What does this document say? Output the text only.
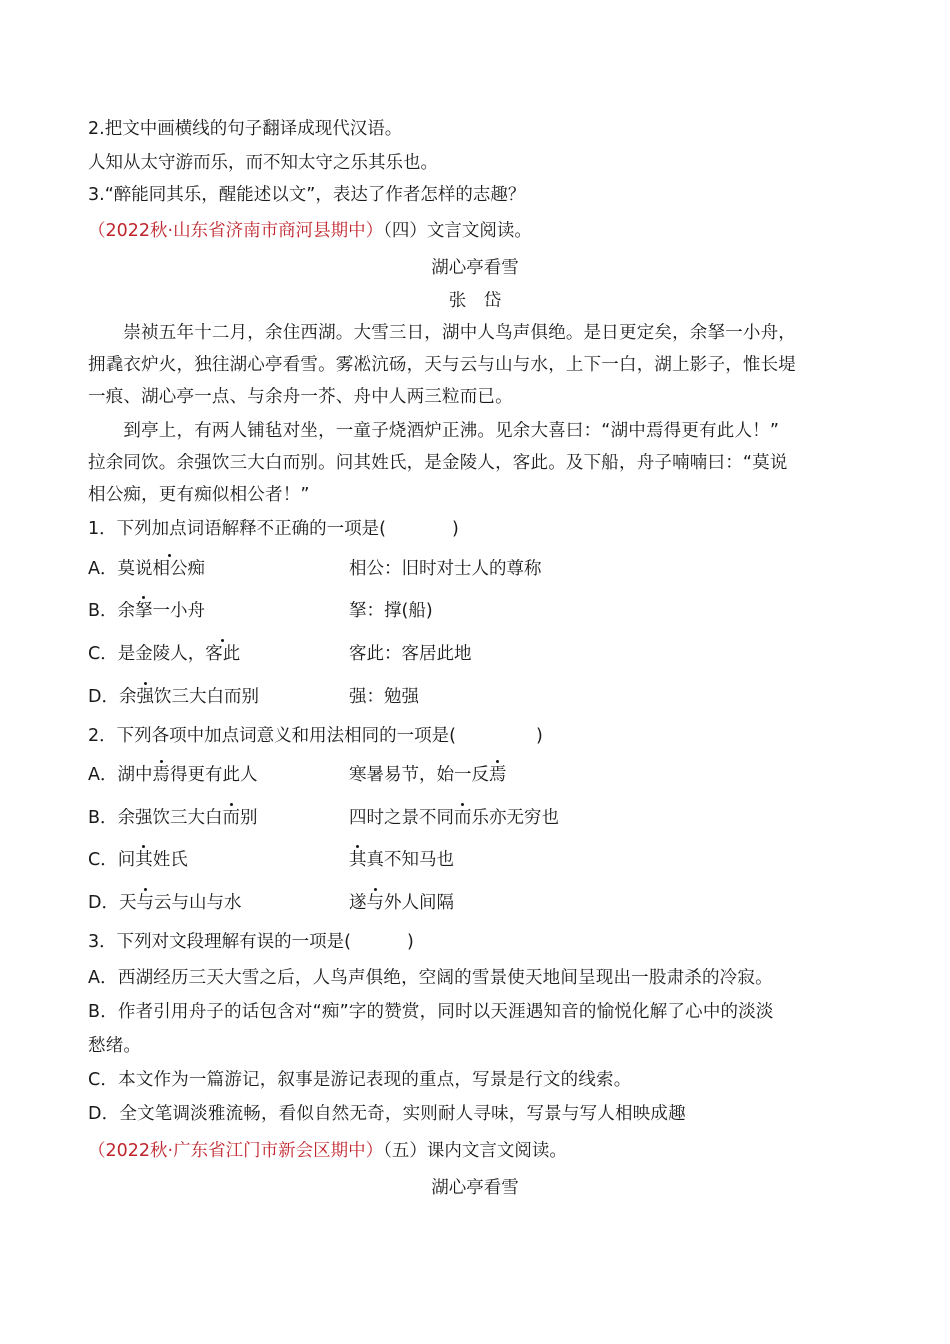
2.把文中画横线的句子翻译成现代汉语。
人知从太守游而乐，而不知太守之乐其乐也。
3.“醉能同其乐，醒能述以文”，表达了作者怎样的志趣？
（2022秋·山东省济南市商河县期中）（四）文言文阅读。
湖心亭看雪
张　岱
　　崇祯五年十二月，余住西湖。大雪三日，湖中人鸟声俱绝。是日更定矣，余拏一小舟，
拥毳衣炉火，独往湖心亭看雪。雾凇沆砀，天与云与山与水，上下一白，湖上影子，惟长堤
一痕、湖心亭一点、与余舟一芥、舟中人两三粒而已。
　　到亭上，有两人铺毡对坐，一童子烧酒炉正沸。见余大喜曰：“湖中焉得更有此人！”
拉余同饮。余强饮三大白而别。问其姓氏，是金陵人，客此。及下船，舟子喃喃曰：“莫说
相公痴，更有痴似相公者！”
1．下列加点词语解释不正确的一项是(	)
A．莫说相公痴	相公：旧时对士人的尊称
B．余拏一小舟	拏：撑(船)
C．是金陵人，客此	客此：客居此地
D．余强饮三大白而别	强：勉强
2．下列各项中加点词意义和用法相同的一项是(	)
A．湖中焉得更有此人	寒暑易节，始一反焉
B．余强饮三大白而别	四时之景不同而乐亦无穷也
C．问其姓氏	其真不知马也
D．天与云与山与水	遂与外人间隔
3．下列对文段理解有误的一项是(	)
A．西湖经历三天大雪之后，人鸟声俱绝，空阔的雪景使天地间呈现出一股肃杀的冷寂。
B．作者引用舟子的话包含对“痴”字的赞赏，同时以天涯遇知音的愉悦化解了心中的淡淡
愁绪。
C．本文作为一篇游记，叙事是游记表现的重点，写景是行文的线索。
D．全文笔调淡雅流畅，看似自然无奇，实则耐人寻味，写景与写人相映成趣
（2022秋·广东省江门市新会区期中）（五）课内文言文阅读。
湖心亭看雪
